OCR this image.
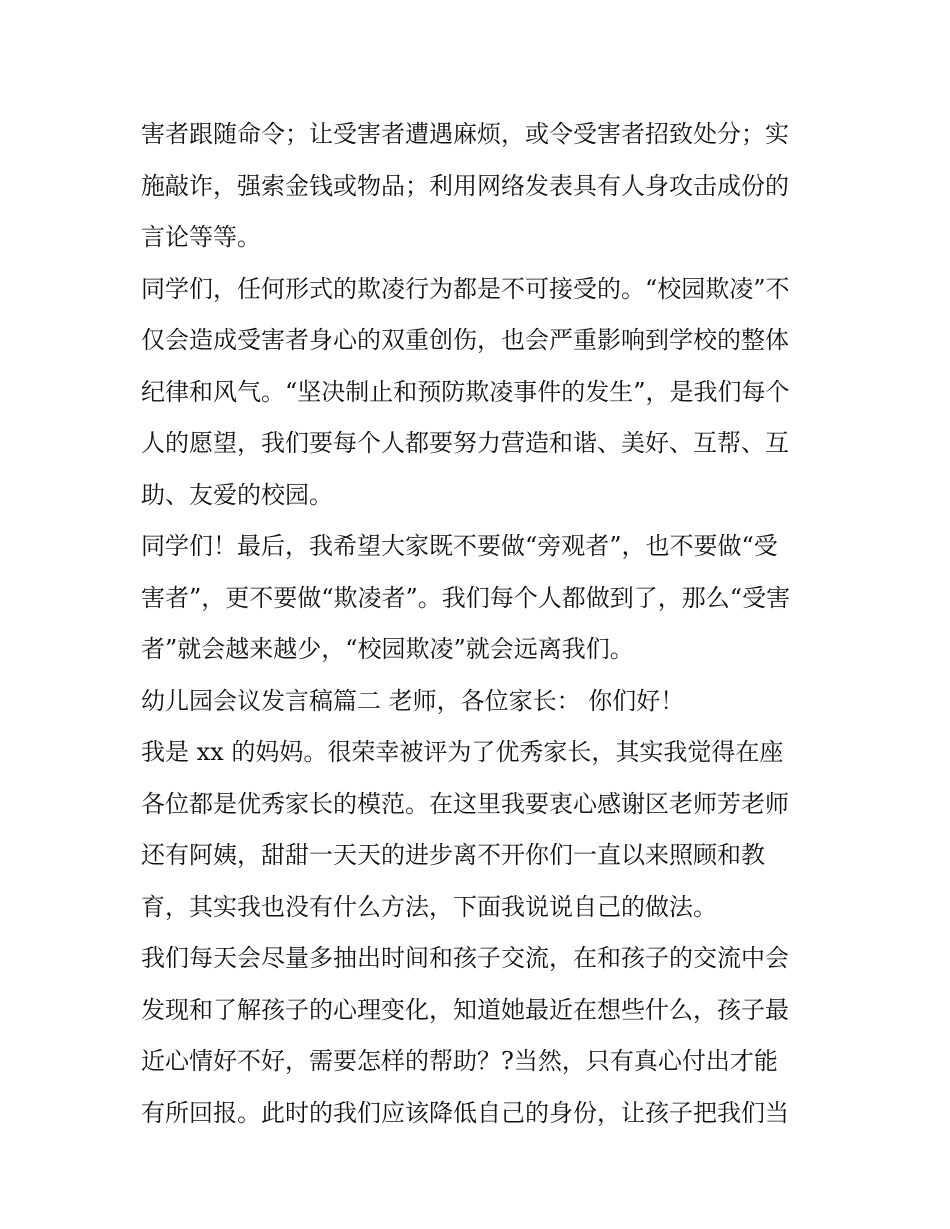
害者跟随命令；让受害者遭遇麻烦，或令受害者招致处分；实
施敲诈，强索金钱或物品；利用网络发表具有人身攻击成份的
言论等等。
同学们，任何形式的欺凌行为都是不可接受的。“校园欺凌”不
仅会造成受害者身心的双重创伤，也会严重影响到学校的整体
纪律和风气。“坚决制止和预防欺凌事件的发生”，是我们每个
人的愿望，我们要每个人都要努力营造和谐、美好、互帮、互
助、友爱的校园。
同学们！最后，我希望大家既不要做“旁观者”，也不要做“受
害者”，更不要做“欺凌者”。我们每个人都做到了，那么“受害
者”就会越来越少，“校园欺凌”就会远离我们。
幼儿园会议发言稿篇二 老师，各位家长： 你们好！
我是 xx 的妈妈。很荣幸被评为了优秀家长，其实我觉得在座
各位都是优秀家长的模范。在这里我要衷心感谢区老师芳老师
还有阿姨，甜甜一天天的进步离不开你们一直以来照顾和教
育，其实我也没有什么方法，下面我说说自己的做法。
我们每天会尽量多抽出时间和孩子交流，在和孩子的交流中会
发现和了解孩子的心理变化，知道她最近在想些什么，孩子最
近心情好不好，需要怎样的帮助？?当然，只有真心付出才能
有所回报。此时的我们应该降低自己的身份，让孩子把我们当
